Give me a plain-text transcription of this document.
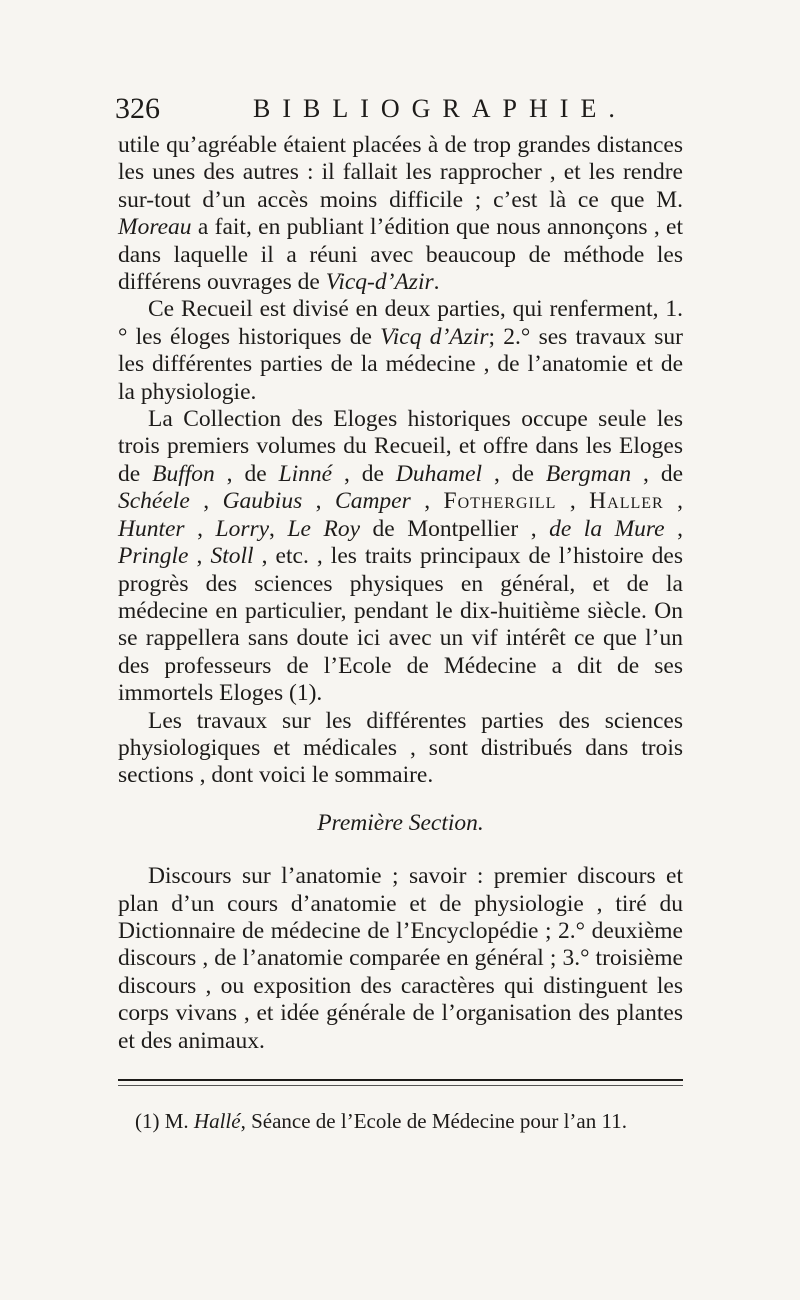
326	BIBLIOGRAPHIE.

utile qu’agréable étaient placées à de trop grandes distances les unes des autres : il fallait les rapprocher , et les rendre sur-tout d’un accès moins difficile ; c’est là ce que M. Moreau a fait, en publiant l’édition que nous annonçons , et dans laquelle il a réuni avec beaucoup de méthode les différens ouvrages de Vicq-d’Azir.

Ce Recueil est divisé en deux parties, qui renferment, 1.° les éloges historiques de Vicq d’Azir; 2.° ses travaux sur les différentes parties de la médecine , de l’anatomie et de la physiologie.

La Collection des Eloges historiques occupe seule les trois premiers volumes du Recueil, et offre dans les Eloges de Buffon , de Linné , de Duhamel , de Bergman , de Schéele , Gaubius , Camper , Fothergill , Haller , Hunter , Lorry, Le Roy de Montpellier , de la Mure , Pringle , Stoll , etc. , les traits principaux de l’histoire des progrès des sciences physiques en général, et de la médecine en particulier, pendant le dix-huitième siècle. On se rappellera sans doute ici avec un vif intérêt ce que l’un des professeurs de l’Ecole de Médecine a dit de ses immortels Eloges (1).

Les travaux sur les différentes parties des sciences physiologiques et médicales , sont distribués dans trois sections , dont voici le sommaire.

Première Section.

Discours sur l’anatomie ; savoir : premier discours et plan d’un cours d’anatomie et de physiologie , tiré du Dictionnaire de médecine de l’Encyclopédie ; 2.° deuxième discours , de l’anatomie comparée en général ; 3.° troisième discours , ou exposition des caractères qui distinguent les corps vivans , et idée générale de l’organisation des plantes et des animaux.

(1) M. Hallé, Séance de l’Ecole de Médecine pour l’an 11.
